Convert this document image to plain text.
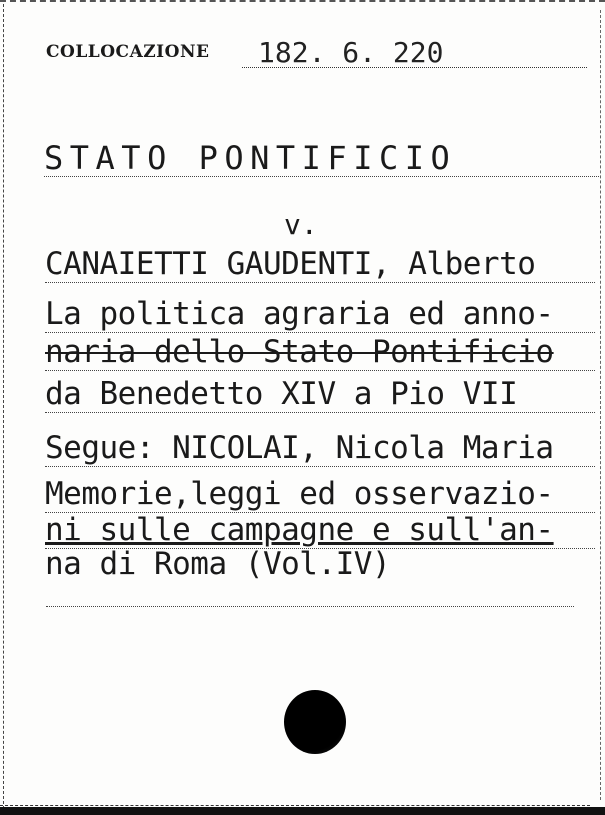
COLLOCAZIONE	182. 6. 220
STATO PONTIFICIO
v.
CANAIETTI GAUDENTI, Alberto
La politica agraria ed anno-
naria dello Stato Pontificio
da Benedetto XIV a Pio VII
Segue: NICOLAI, Nicola Maria
Memorie,leggi ed osservazio-
ni sulle campagne e sull'an-
na di Roma (Vol.IV)
